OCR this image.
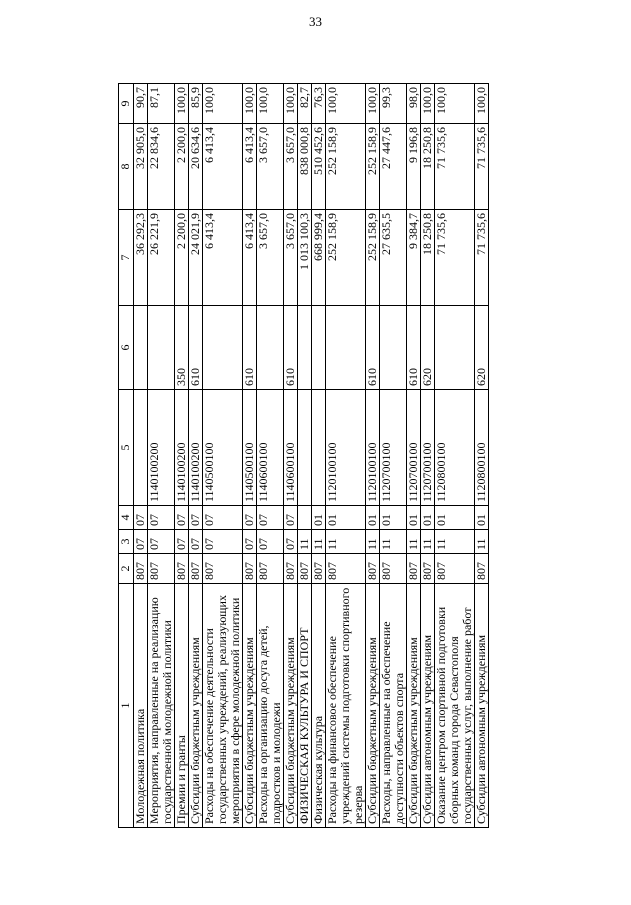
33
1	2	3	4	5	6	7	8	9
Молодежная политика	807	07	07			36 292,3	32 905,0	90,7
Мероприятия, направленные на реализацию государственной молодежной политики	807	07	07	1140100200		26 221,9	22 834,6	87,1
Премии и гранты	807	07	07	1140100200	350	2 200,0	2 200,0	100,0
Субсидии бюджетным учреждениям	807	07	07	1140100200	610	24 021,9	20 634,6	85,9
Расходы на обеспечение деятельности государственных учреждений, реализующих мероприятия в сфере молодежной политики	807	07	07	1140500100		6 413,4	6 413,4	100,0
Субсидии бюджетным учреждениям	807	07	07	1140500100	610	6 413,4	6 413,4	100,0
Расходы на организацию досуга детей, подростков и молодежи	807	07	07	1140600100		3 657,0	3 657,0	100,0
Субсидии бюджетным учреждениям	807	07	07	1140600100	610	3 657,0	3 657,0	100,0
ФИЗИЧЕСКАЯ КУЛЬТУРА И СПОРТ	807	11				1 013 100,3	838 000,8	82,7
Физическая культура	807	11	01			668 999,4	510 452,6	76,3
Расходы на финансовое обеспечение учреждений системы подготовки спортивного резерва	807	11	01	1120100100		252 158,9	252 158,9	100,0
Субсидии бюджетным учреждениям	807	11	01	1120100100	610	252 158,9	252 158,9	100,0
Расходы, направленные на обеспечение доступности объектов спорта	807	11	01	1120700100		27 635,5	27 447,6	99,3
Субсидии бюджетным учреждениям	807	11	01	1120700100	610	9 384,7	9 196,8	98,0
Субсидии автономным учреждениям	807	11	01	1120700100	620	18 250,8	18 250,8	100,0
Оказание центром спортивной подготовки сборных команд города Севастополя государственных услуг, выполнение работ	807	11	01	1120800100		71 735,6	71 735,6	100,0
Субсидии автономным учреждениям	807	11	01	1120800100	620	71 735,6	71 735,6	100,0
